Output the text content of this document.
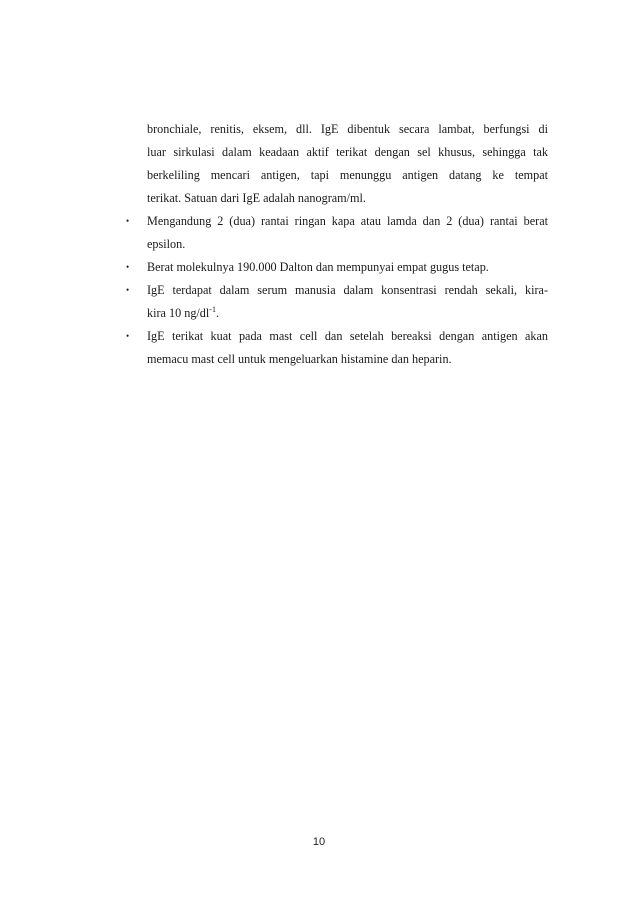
bronchiale, renitis, eksem, dll. IgE dibentuk secara lambat, berfungsi di
luar sirkulasi dalam keadaan aktif terikat dengan sel khusus, sehingga tak
berkeliling mencari antigen, tapi menunggu antigen datang ke tempat
terikat. Satuan dari IgE adalah nanogram/ml.
• Mengandung 2 (dua) rantai ringan kapa atau lamda dan 2 (dua) rantai berat
epsilon.
• Berat molekulnya 190.000 Dalton dan mempunyai empat gugus tetap.
• IgE terdapat dalam serum manusia dalam konsentrasi rendah sekali, kira-
kira 10 $ng/dl^{-1}$.
• IgE terikat kuat pada mast cell dan setelah bereaksi dengan antigen akan
memacu mast cell untuk mengeluarkan histamine dan heparin.
10
